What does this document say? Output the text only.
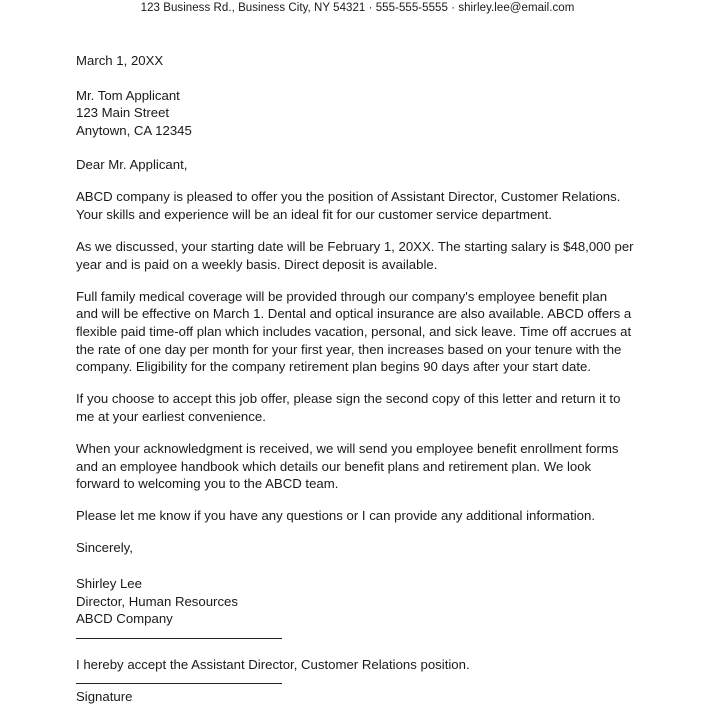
123 Business Rd., Business City, NY 54321 · 555-555-5555 · shirley.lee@email.com
March 1, 20XX
Mr. Tom Applicant
123 Main Street
Anytown, CA 12345
Dear Mr. Applicant,
ABCD company is pleased to offer you the position of Assistant Director, Customer Relations.
Your skills and experience will be an ideal fit for our customer service department.
As we discussed, your starting date will be February 1, 20XX. The starting salary is $48,000 per
year and is paid on a weekly basis. Direct deposit is available.
Full family medical coverage will be provided through our company's employee benefit plan
and will be effective on March 1. Dental and optical insurance are also available. ABCD offers a
flexible paid time-off plan which includes vacation, personal, and sick leave. Time off accrues at
the rate of one day per month for your first year, then increases based on your tenure with the
company. Eligibility for the company retirement plan begins 90 days after your start date.
If you choose to accept this job offer, please sign the second copy of this letter and return it to
me at your earliest convenience.
When your acknowledgment is received, we will send you employee benefit enrollment forms
and an employee handbook which details our benefit plans and retirement plan. We look
forward to welcoming you to the ABCD team.
Please let me know if you have any questions or I can provide any additional information.
Sincerely,
Shirley Lee
Director, Human Resources
ABCD Company
I hereby accept the Assistant Director, Customer Relations position.
Signature
